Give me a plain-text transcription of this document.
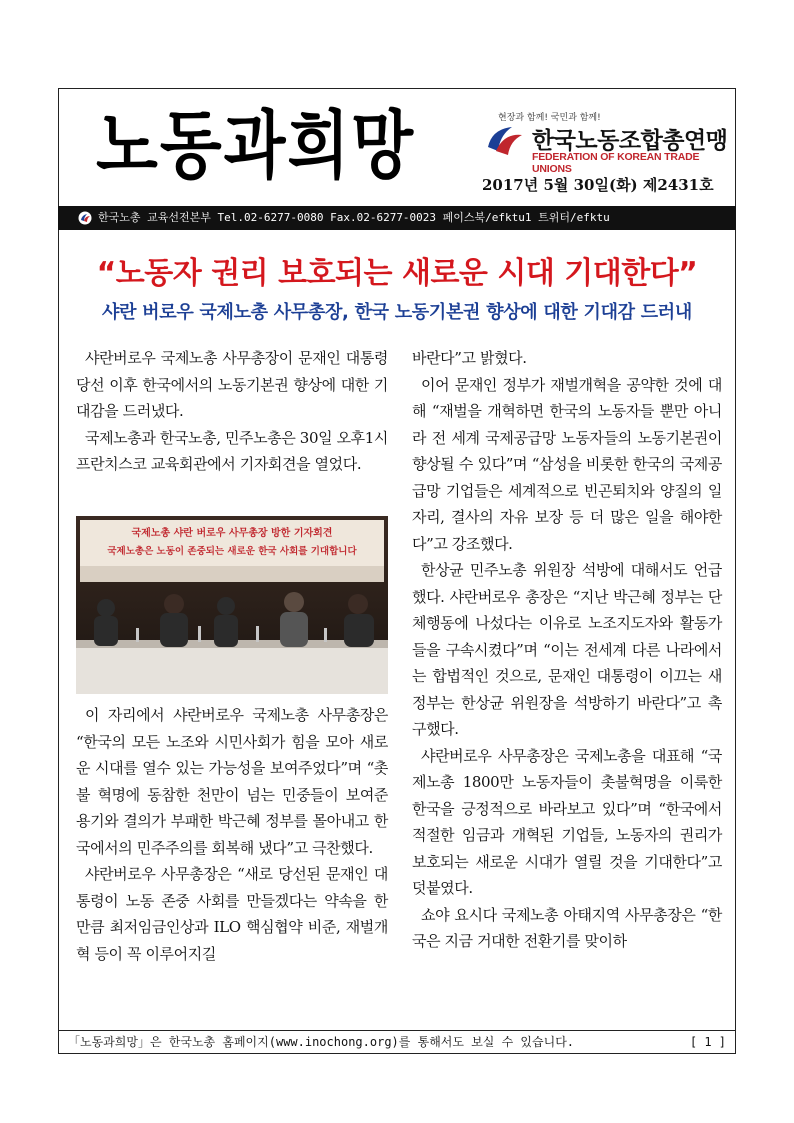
노동과희망	현장과 함께! 국민과 함께!
한국노동조합총연맹
FEDERATION OF KOREAN TRADE UNIONS
2017년 5월 30일(화) 제2431호
한국노총 교육선전본부 Tel.02-6277-0080 Fax.02-6277-0023 페이스북/efktu1 트위터/efktu
“노동자 권리 보호되는 새로운 시대 기대한다”
샤란 버로우 국제노총 사무총장, 한국 노동기본권 향상에 대한 기대감 드러내

샤란버로우 국제노총 사무총장이 문재인 대통령 당선 이후 한국에서의 노동기본권 향상에 대한 기대감을 드러냈다.

국제노총과 한국노총, 민주노총은 30일 오후1시 프란치스코 교육회관에서 기자회견을 열었다.

국제노총 샤란 버로우 사무총장 방한 기자회견
국제노총은 노동이 존중되는 새로운 한국 사회를 기대합니다

이 자리에서 샤란버로우 국제노총 사무총장은 “한국의 모든 노조와 시민사회가 힘을 모아 새로운 시대를 열수 있는 가능성을 보여주었다”며 “촛불 혁명에 동참한 천만이 넘는 민중들이 보여준 용기와 결의가 부패한 박근혜 정부를 몰아내고 한국에서의 민주주의를 회복해 냈다”고 극찬했다.

샤란버로우 사무총장은 “새로 당선된 문재인 대통령이 노동 존중 사회를 만들겠다는 약속을 한 만큼 최저임금인상과 ILO 핵심협약 비준, 재벌개혁 등이 꼭 이루어지길

바란다”고 밝혔다.

이어 문재인 정부가 재벌개혁을 공약한 것에 대해 “재벌을 개혁하면 한국의 노동자들 뿐만 아니라 전 세계 국제공급망 노동자들의 노동기본권이 향상될 수 있다”며 “삼성을 비롯한 한국의 국제공급망 기업들은 세계적으로 빈곤퇴치와 양질의 일자리, 결사의 자유 보장 등 더 많은 일을 해야한다”고 강조했다.

한상균 민주노총 위원장 석방에 대해서도 언급했다. 샤란버로우 총장은 “지난 박근혜 정부는 단체행동에 나섰다는 이유로 노조지도자와 활동가들을 구속시켰다”며 “이는 전세계 다른 나라에서는 합법적인 것으로, 문재인 대통령이 이끄는 새 정부는 한상균 위원장을 석방하기 바란다”고 촉구했다.

샤란버로우 사무총장은 국제노총을 대표해 “국제노총 1800만 노동자들이 촛불혁명을 이룩한 한국을 긍정적으로 바라보고 있다”며 “한국에서 적절한 임금과 개혁된 기업들, 노동자의 권리가 보호되는 새로운 시대가 열릴 것을 기대한다”고 덧붙였다.

쇼야 요시다 국제노총 아태지역 사무총장은 “한국은 지금 거대한 전환기를 맞이하

「노동과희망」은 한국노총 홈페이지(www.inochong.org)를 통해서도 보실 수 있습니다.	[ 1 ]
